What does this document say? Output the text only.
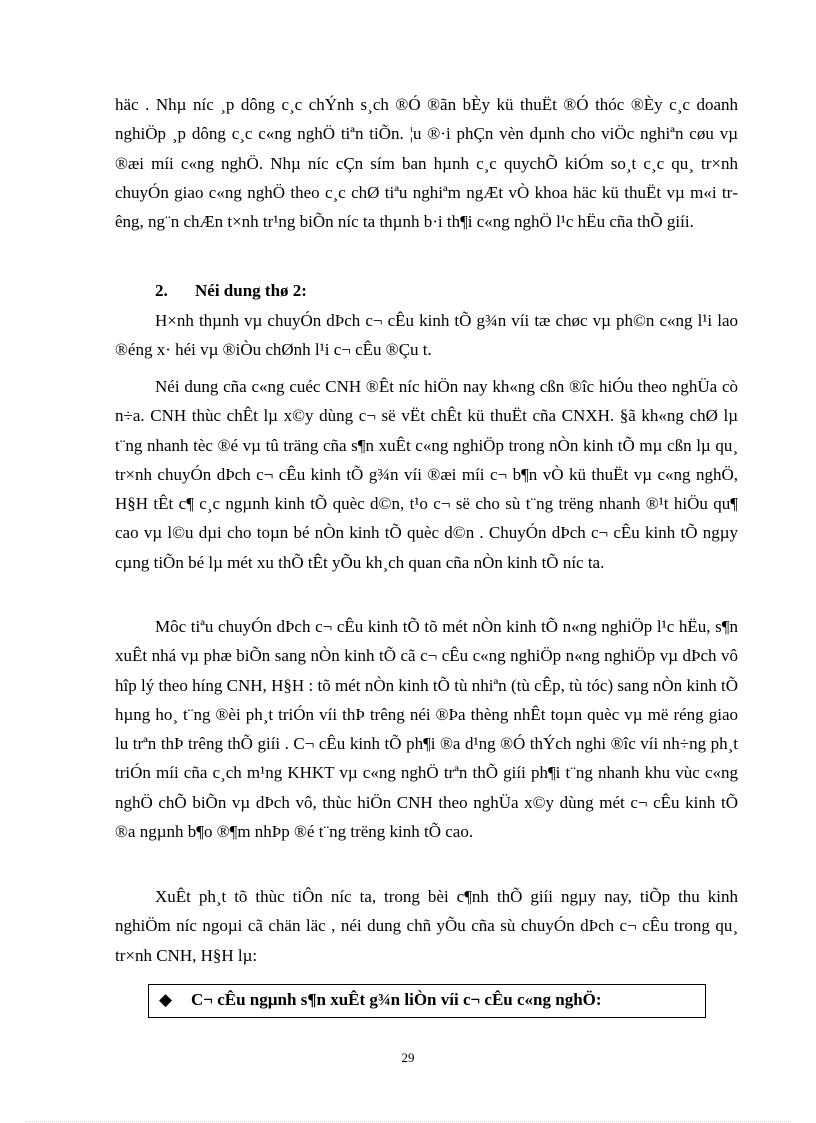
häc . Nhµ níc ¸p dông c¸c chÝnh s¸ch ®Ó ®ãn bÈy kü thuËt ®Ó thóc ®Èy c¸c doanh nghiÖp ¸p dông c¸c c«ng nghÖ tiªn tiÕn. ¦u ®·i phÇn vèn dµnh cho viÖc nghiªn cøu vµ ®æi míi c«ng nghÖ. Nhµ níc cÇn sím ban hµnh c¸c quychÕ kiÓm so¸t c¸c qu¸ tr×nh chuyÓn giao c«ng nghÖ theo c¸c chØ tiªu nghiªm ngÆt vÒ khoa häc kü thuËt vµ m«i trêng, ng¨n chÆn t×nh tr¹ng biÕn níc ta thµnh b·i th¶i c«ng nghÖ l¹c hËu cña thÕ giíi.

2. Néi dung thø 2:

H×nh thµnh vµ chuyÓn dÞch c¬ cÊu kinh tÕ g¾n víi tæ chøc vµ ph©n c«ng l¹i lao ®éng x· héi vµ ®iÒu chØnh l¹i c¬ cÊu ®Çu t.

Néi dung cña c«ng cuéc CNH ®Êt níc hiÖn nay kh«ng cßn ®îc hiÓu theo nghÜa cò n÷a. CNH thùc chÊt lµ x©y dùng c¬ së vËt chÊt kü thuËt cña CNXH. §ã kh«ng chØ lµ t¨ng nhanh tèc ®é vµ tû träng cña s¶n xuÊt c«ng nghiÖp trong nÒn kinh tÕ mµ cßn lµ qu¸ tr×nh chuyÓn dÞch c¬ cÊu kinh tÕ g¾n víi ®æi míi c¬ b¶n vÒ kü thuËt vµ c«ng nghÖ, H§H tÊt c¶ c¸c ngµnh kinh tÕ quèc d©n, t¹o c¬ së cho sù t¨ng trëng nhanh ®¹t hiÖu qu¶ cao vµ l©u dµi cho toµn bé nÒn kinh tÕ quèc d©n . ChuyÓn dÞch c¬ cÊu kinh tÕ ngµy cµng tiÕn bé lµ mét xu thÕ tÊt yÕu kh¸ch quan cña nÒn kinh tÕ níc ta.

Môc tiªu chuyÓn dÞch c¬ cÊu kinh tÕ tõ mét nÒn kinh tÕ n«ng nghiÖp l¹c hËu, s¶n xuÊt nhá vµ phæ biÕn sang nÒn kinh tÕ cã c¬ cÊu c«ng nghiÖp n«ng nghiÖp vµ dÞch vô hîp lý theo híng CNH, H§H : tõ mét nÒn kinh tÕ tù nhiªn (tù cÊp, tù tóc) sang nÒn kinh tÕ hµng ho¸ t¨ng ®èi ph¸t triÓn víi thÞ trêng néi ®Þa thèng nhÊt toµn quèc vµ më réng giao lu trªn thÞ trêng thÕ giíi . C¬ cÊu kinh tÕ ph¶i ®a d¹ng ®Ó thÝch nghi ®îc víi nh÷ng ph¸t triÓn míi cña c¸ch m¹ng KHKT vµ c«ng nghÖ trªn thÕ giíi ph¶i t¨ng nhanh khu vùc c«ng nghÖ chÕ biÕn vµ dÞch vô, thùc hiÖn CNH theo nghÜa x©y dùng mét c¬ cÊu kinh tÕ ®a ngµnh b¶o ®¶m nhÞp ®é t¨ng trëng kinh tÕ cao.

XuÊt ph¸t tõ thùc tiÔn níc ta, trong bèi c¶nh thÕ giíi ngµy nay, tiÕp thu kinh nghiÖm níc ngoµi cã chän läc , néi dung chñ yÕu cña sù chuyÓn dÞch c¬ cÊu trong qu¸ tr×nh CNH, H§H lµ:

◆ C¬ cÊu ngµnh s¶n xuÊt g¾n liÒn víi c¬ cÊu c«ng nghÖ:
29
